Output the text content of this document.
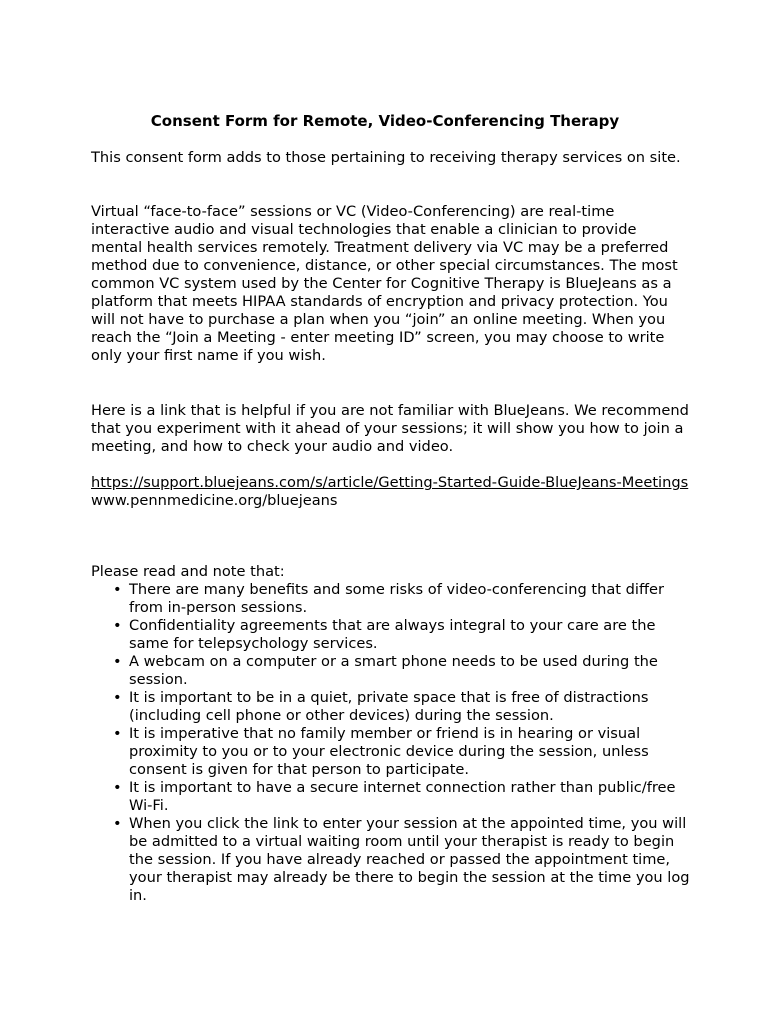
Consent Form for Remote, Video-Conferencing Therapy

This consent form adds to those pertaining to receiving therapy services on site.

Virtual “face-to-face” sessions or VC (Video-Conferencing) are real-time interactive audio and visual technologies that enable a clinician to provide mental health services remotely. Treatment delivery via VC may be a preferred method due to convenience, distance, or other special circumstances. The most common VC system used by the Center for Cognitive Therapy is BlueJeans as a platform that meets HIPAA standards of encryption and privacy protection. You will not have to purchase a plan when you “join” an online meeting. When you reach the “Join a Meeting - enter meeting ID” screen, you may choose to write only your first name if you wish.

Here is a link that is helpful if you are not familiar with BlueJeans. We recommend that you experiment with it ahead of your sessions; it will show you how to join a meeting, and how to check your audio and video.

https://support.bluejeans.com/s/article/Getting-Started-Guide-BlueJeans-Meetings
www.pennmedicine.org/bluejeans

Please read and note that:

• There are many benefits and some risks of video-conferencing that differ from in-person sessions.
• Confidentiality agreements that are always integral to your care are the same for telepsychology services.
• A webcam on a computer or a smart phone needs to be used during the session.
• It is important to be in a quiet, private space that is free of distractions (including cell phone or other devices) during the session.
• It is imperative that no family member or friend is in hearing or visual proximity to you or to your electronic device during the session, unless consent is given for that person to participate.
• It is important to have a secure internet connection rather than public/free Wi-Fi.
• When you click the link to enter your session at the appointed time, you will be admitted to a virtual waiting room until your therapist is ready to begin the session. If you have already reached or passed the appointment time, your therapist may already be there to begin the session at the time you log in.
